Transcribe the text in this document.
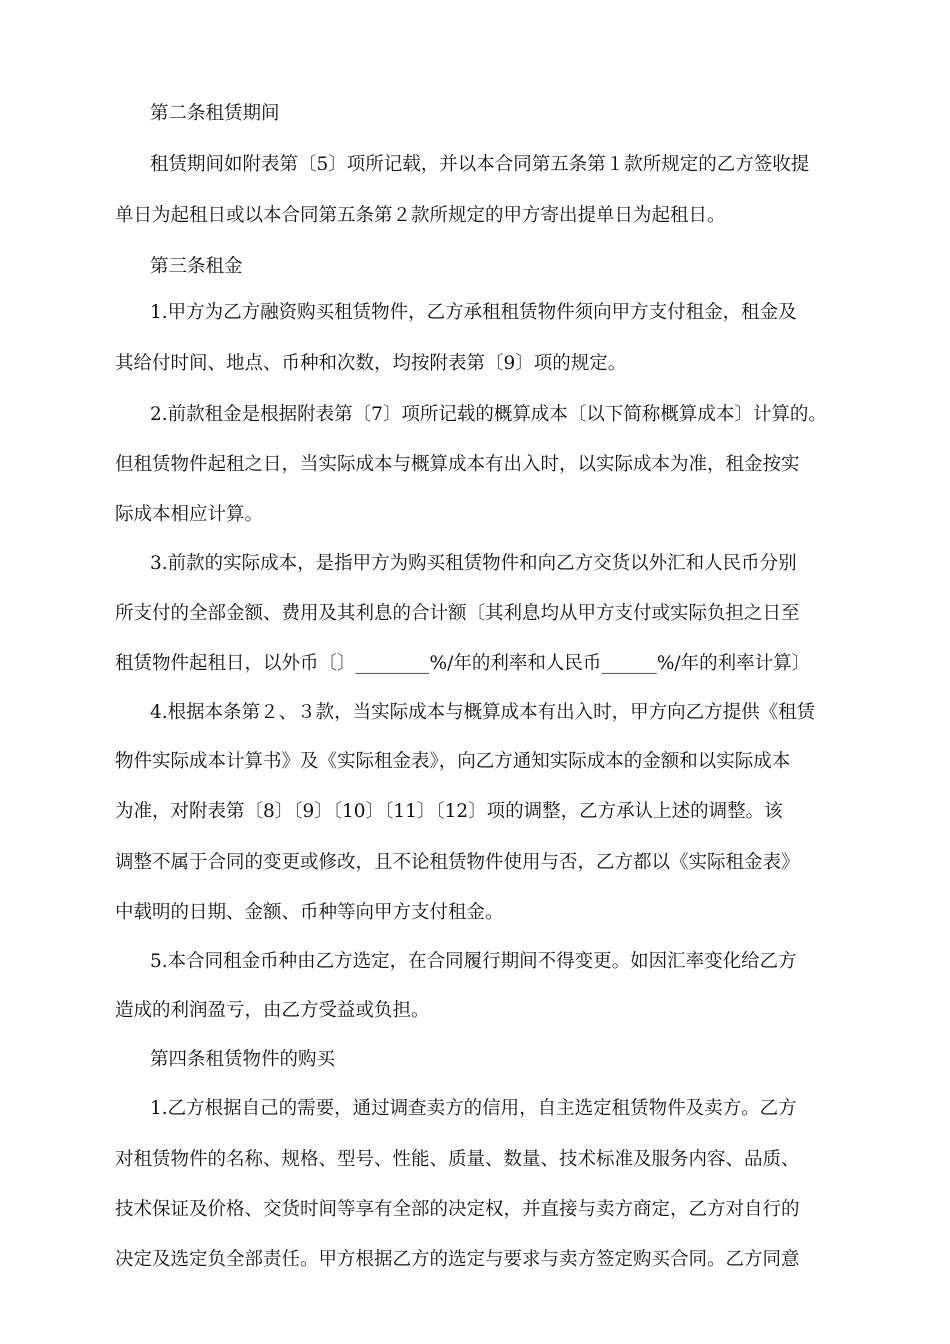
第二条租赁期间
租赁期间如附表第〔5〕项所记载，并以本合同第五条第１款所规定的乙方签收提
单日为起租日或以本合同第五条第２款所规定的甲方寄出提单日为起租日。
第三条租金
1.甲方为乙方融资购买租赁物件，乙方承租租赁物件须向甲方支付租金，租金及
其给付时间、地点、币种和次数，均按附表第〔9〕项的规定。
2.前款租金是根据附表第〔7〕项所记载的概算成本〔以下简称概算成本〕计算的。
但租赁物件起租之日，当实际成本与概算成本有出入时，以实际成本为准，租金按实
际成本相应计算。
3.前款的实际成本，是指甲方为购买租赁物件和向乙方交货以外汇和人民币分别
所支付的全部金额、费用及其利息的合计额〔其利息均从甲方支付或实际负担之日至
租赁物件起租日，以外币〔〕________%/年的利率和人民币______%/年的利率计算〕
4.根据本条第２、３款，当实际成本与概算成本有出入时，甲方向乙方提供《租赁
物件实际成本计算书》及《实际租金表》，向乙方通知实际成本的金额和以实际成本
为准，对附表第〔8〕〔9〕〔10〕〔11〕〔12〕项的调整，乙方承认上述的调整。该
调整不属于合同的变更或修改，且不论租赁物件使用与否，乙方都以《实际租金表》
中载明的日期、金额、币种等向甲方支付租金。
5.本合同租金币种由乙方选定，在合同履行期间不得变更。如因汇率变化给乙方
造成的利润盈亏，由乙方受益或负担。
第四条租赁物件的购买
1.乙方根据自己的需要，通过调查卖方的信用，自主选定租赁物件及卖方。乙方
对租赁物件的名称、规格、型号、性能、质量、数量、技术标准及服务内容、品质、
技术保证及价格、交货时间等享有全部的决定权，并直接与卖方商定，乙方对自行的
决定及选定负全部责任。甲方根据乙方的选定与要求与卖方签定购买合同。乙方同意
